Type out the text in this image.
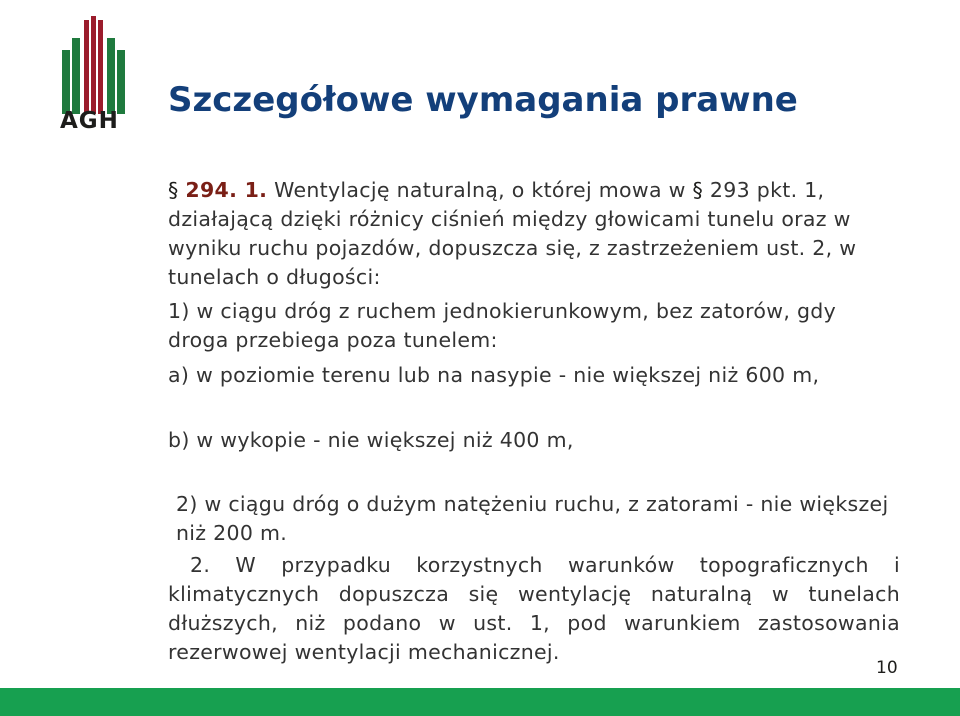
AGH
Szczegółowe wymagania prawne
§ 294. 1. Wentylację naturalną, o której mowa w § 293 pkt. 1, działającą dzięki różnicy ciśnień między głowicami tunelu oraz w wyniku ruchu pojazdów, dopuszcza się, z zastrzeżeniem ust. 2, w tunelach o długości:
1) w ciągu dróg z ruchem jednokierunkowym, bez zatorów, gdy droga przebiega poza tunelem:
a) w poziomie terenu lub na nasypie - nie większej niż 600 m,
b) w wykopie - nie większej niż 400 m,
2) w ciągu dróg o dużym natężeniu ruchu, z zatorami - nie większej niż 200 m.
2. W przypadku korzystnych warunków topograficznych i klimatycznych dopuszcza się wentylację naturalną w tunelach dłuższych, niż podano w ust. 1, pod warunkiem zastosowania rezerwowej wentylacji mechanicznej.
10
